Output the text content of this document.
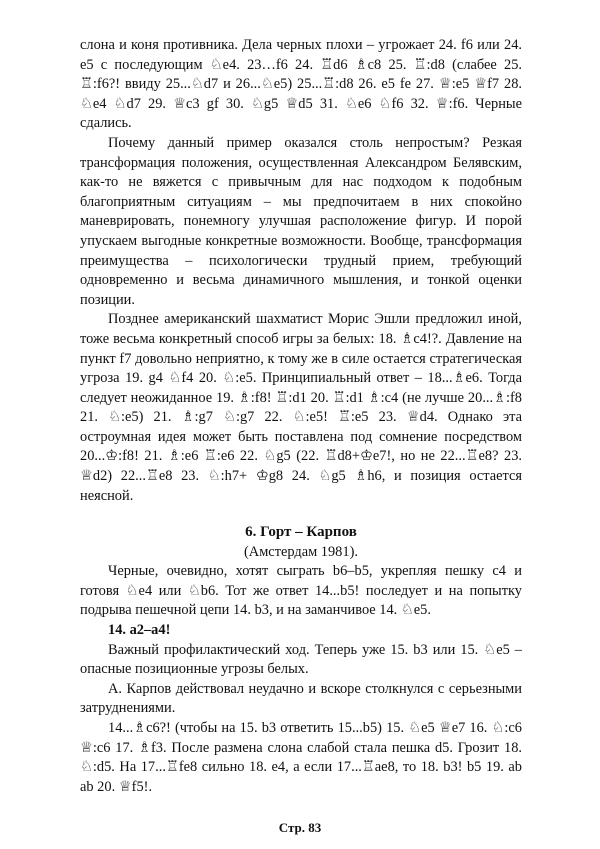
слона и коня противника. Дела черных плохи – угрожает 24. f6 или 24. e5 с последующим ♘e4. 23…f6 24. ♖d6 ♗c8 25. ♖:d8 (слабее 25. ♖:f6?! ввиду 25...♘d7 и 26...♘e5) 25...♖:d8 26. e5 fe 27. ♕:e5 ♕f7 28. ♘e4 ♘d7 29. ♕c3 gf 30. ♘g5 ♕d5 31. ♘e6 ♘f6 32. ♕:f6. Черные сдались.

Почему данный пример оказался столь непростым? Резкая трансформация положения, осуществленная Александром Белявским, как-то не вяжется с привычным для нас подходом к подобным благоприятным ситуациям – мы предпочитаем в них спокойно маневрировать, понемногу улучшая расположение фигур. И порой упускаем выгодные конкретные возможности. Вообще, трансформация преимущества – психологически трудный прием, требующий одновременно и весьма динамичного мышления, и тонкой оценки позиции.

Позднее американский шахматист Морис Эшли предложил иной, тоже весьма конкретный способ игры за белых: 18. ♗c4!?. Давление на пункт f7 довольно неприятно, к тому же в силе остается стратегическая угроза 19. g4 ♘f4 20. ♘:e5. Принципиальный ответ – 18...♗e6. Тогда следует неожиданное 19. ♗:f8! ♖:d1 20. ♖:d1 ♗:c4 (не лучше 20...♗:f8 21. ♘:e5) 21. ♗:g7 ♘:g7 22. ♘:e5! ♖:e5 23. ♕d4. Однако эта остроумная идея может быть поставлена под сомнение посредством 20...♔:f8! 21. ♗:e6 ♖:e6 22. ♘g5 (22. ♖d8+♔e7!, но не 22...♖e8? 23. ♕d2) 22...♖e8 23. ♘:h7+ ♔g8 24. ♘g5 ♗h6, и позиция остается неясной.

6. Горт – Карпов

(Амстердам 1981).

Черные, очевидно, хотят сыграть b6–b5, укрепляя пешку c4 и готовя ♘e4 или ♘b6. Тот же ответ 14...b5! последует и на попытку подрыва пешечной цепи 14. b3, и на заманчивое 14. ♘e5.

14. a2–a4!

Важный профилактический ход. Теперь уже 15. b3 или 15. ♘e5 – опасные позиционные угрозы белых.

А. Карпов действовал неудачно и вскоре столкнулся с серьезными затруднениями.

14...♗c6?! (чтобы на 15. b3 ответить 15...b5) 15. ♘e5 ♕e7 16. ♘:c6 ♕:c6 17. ♗f3. После размена слона слабой стала пешка d5. Грозит 18. ♘:d5. На 17...♖fe8 сильно 18. e4, а если 17...♖ae8, то 18. b3! b5 19. ab ab 20. ♕f5!.

Стр. 83
